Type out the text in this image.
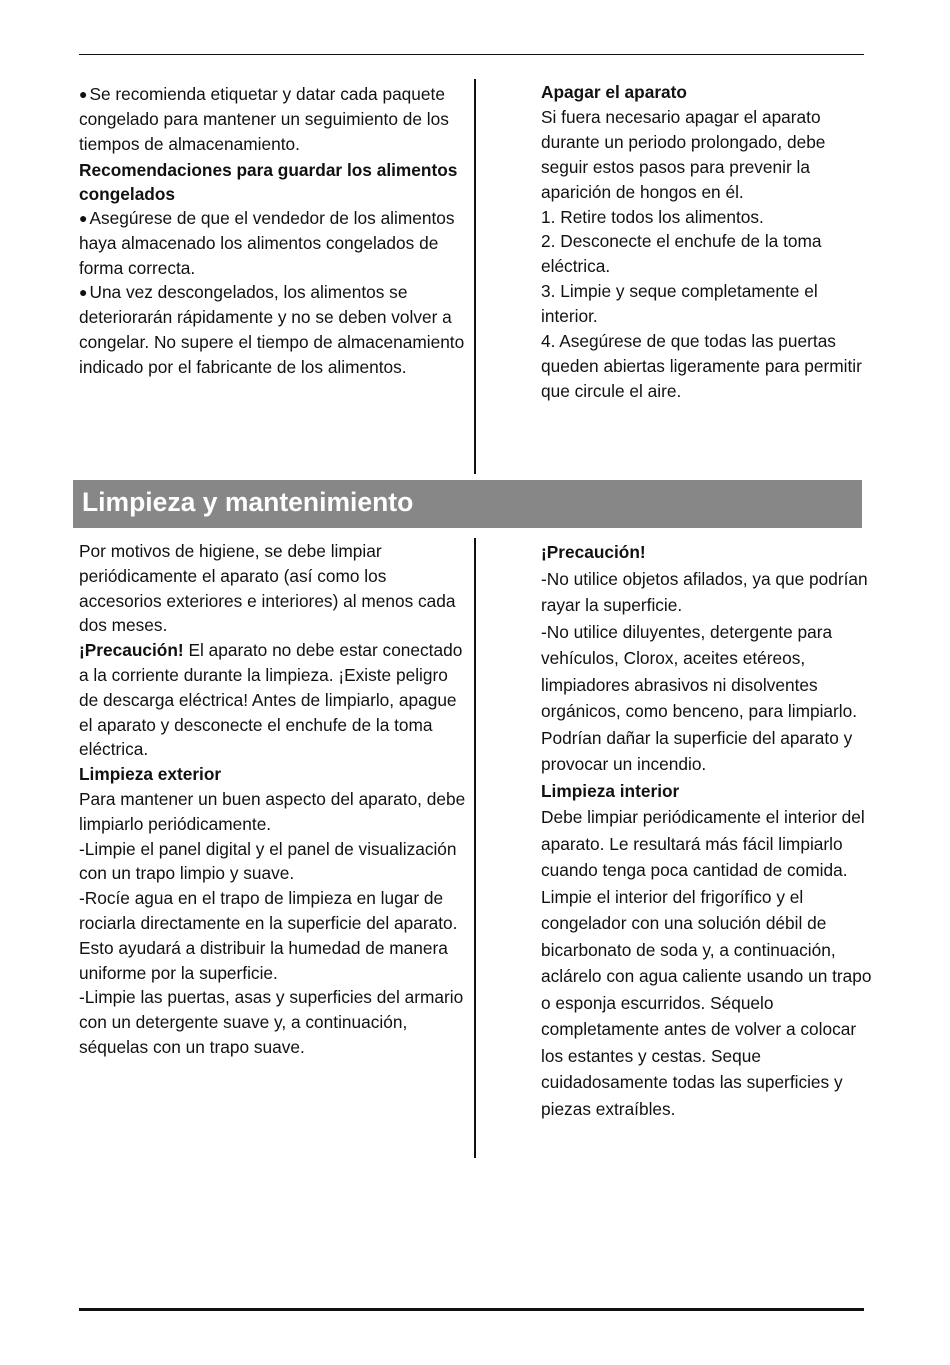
● Se recomienda etiquetar y datar cada paquete congelado para mantener un seguimiento de los tiempos de almacenamiento.

Recomendaciones para guardar los alimentos congelados

● Asegúrese de que el vendedor de los alimentos haya almacenado los alimentos congelados de forma correcta.

● Una vez descongelados, los alimentos se deteriorarán rápidamente y no se deben volver a congelar. No supere el tiempo de almacenamiento indicado por el fabricante de los alimentos.

Apagar el aparato

Si fuera necesario apagar el aparato durante un periodo prolongado, debe seguir estos pasos para prevenir la aparición de hongos en él.

1. Retire todos los alimentos.

2. Desconecte el enchufe de la toma eléctrica.

3. Limpie y seque completamente el interior.

4. Asegúrese de que todas las puertas queden abiertas ligeramente para permitir que circule el aire.

Limpieza y mantenimiento

Por motivos de higiene, se debe limpiar periódicamente el aparato (así como los accesorios exteriores e interiores) al menos cada dos meses.

¡Precaución! El aparato no debe estar conectado a la corriente durante la limpieza. ¡Existe peligro de descarga eléctrica! Antes de limpiarlo, apague el aparato y desconecte el enchufe de la toma eléctrica.

Limpieza exterior

Para mantener un buen aspecto del aparato, debe limpiarlo periódicamente.

-Limpie el panel digital y el panel de visualización con un trapo limpio y suave.

-Rocíe agua en el trapo de limpieza en lugar de rociarla directamente en la superficie del aparato. Esto ayudará a distribuir la humedad de manera uniforme por la superficie.

-Limpie las puertas, asas y superficies del armario con un detergente suave y, a continuación, séquelas con un trapo suave.

¡Precaución!

-No utilice objetos afilados, ya que podrían rayar la superficie.

-No utilice diluyentes, detergente para vehículos, Clorox, aceites etéreos, limpiadores abrasivos ni disolventes orgánicos, como benceno, para limpiarlo. Podrían dañar la superficie del aparato y provocar un incendio.

Limpieza interior

Debe limpiar periódicamente el interior del aparato. Le resultará más fácil limpiarlo cuando tenga poca cantidad de comida. Limpie el interior del frigorífico y el congelador con una solución débil de bicarbonato de soda y, a continuación, aclárelo con agua caliente usando un trapo o esponja escurridos. Séquelo completamente antes de volver a colocar los estantes y cestas. Seque cuidadosamente todas las superficies y piezas extraíbles.
